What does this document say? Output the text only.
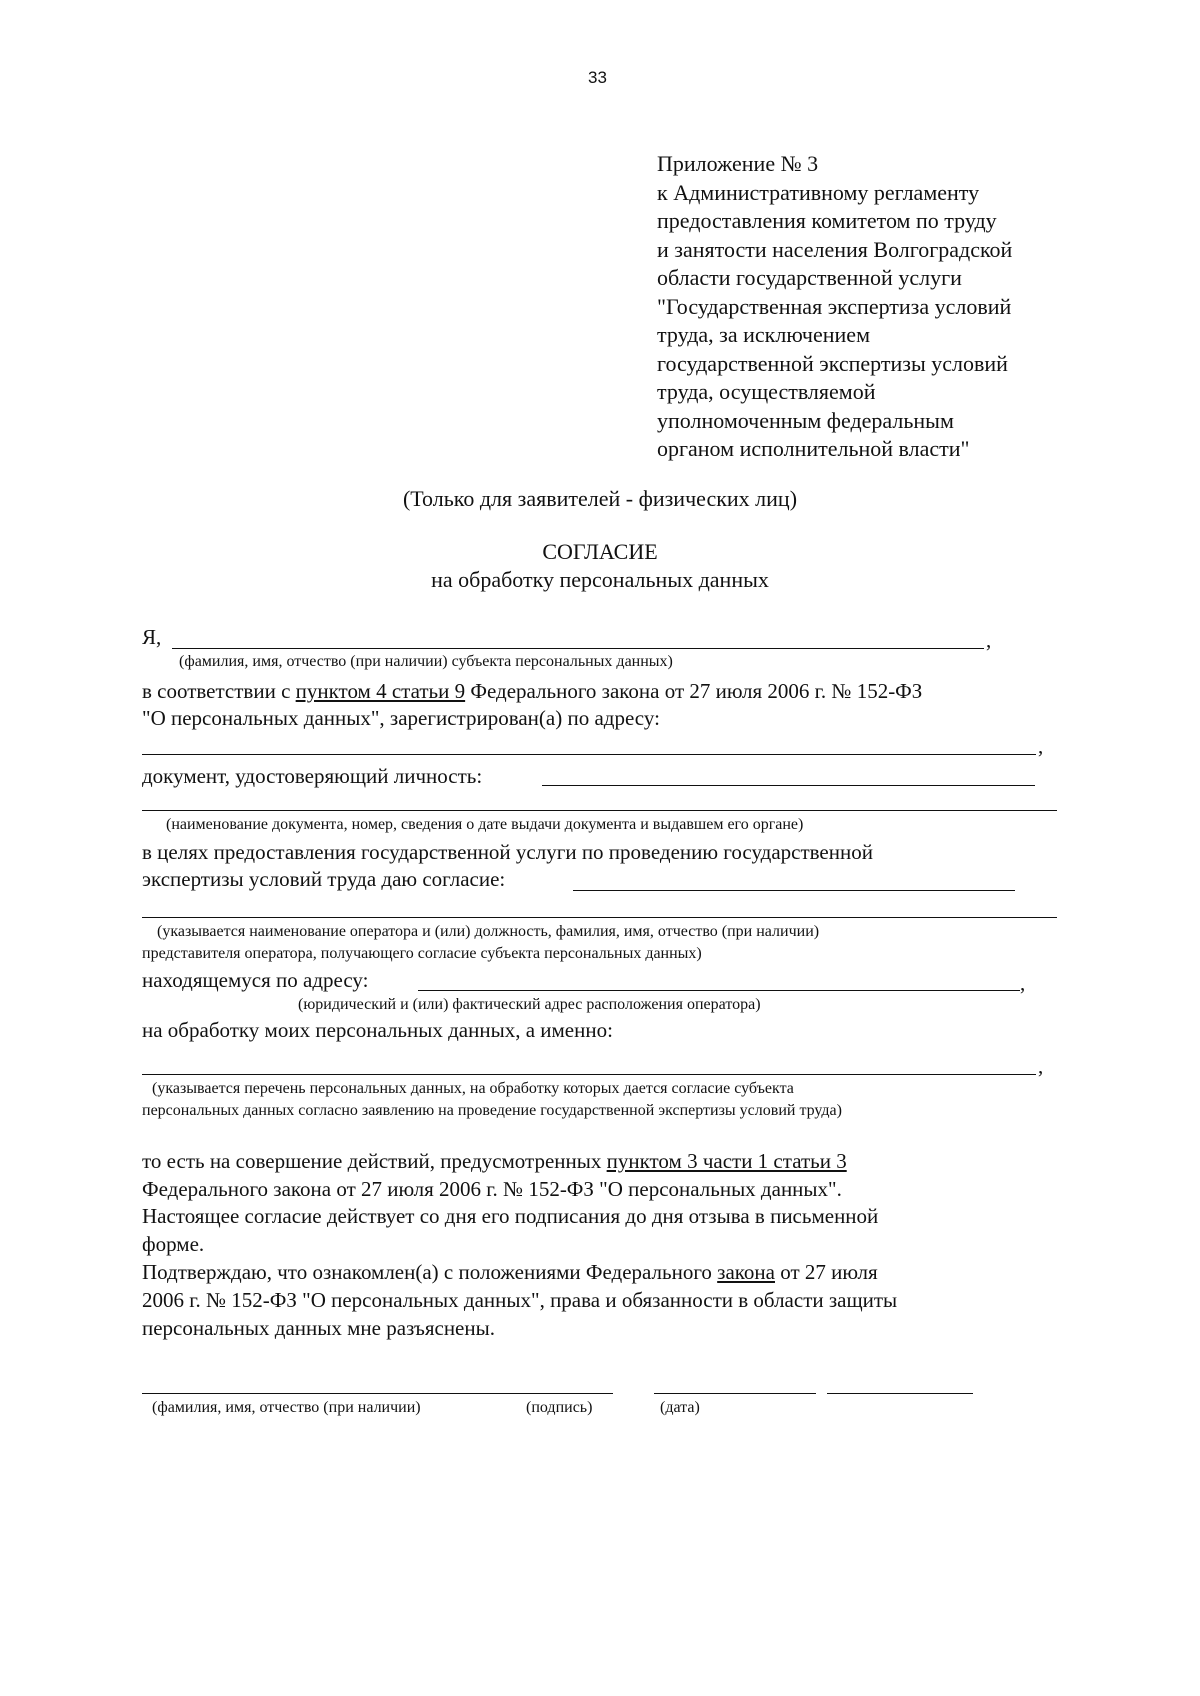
33
Приложение № 3
к Административному регламенту
предоставления комитетом по труду
и занятости населения Волгоградской
области государственной услуги
"Государственная экспертиза условий
труда, за исключением
государственной экспертизы условий
труда, осуществляемой
уполномоченным федеральным
органом исполнительной власти"
(Только для заявителей - физических лиц)
СОГЛАСИЕ
на обработку персональных данных
Я,	,
(фамилия, имя, отчество (при наличии) субъекта персональных данных)
в соответствии с пунктом 4 статьи 9 Федерального закона от 27 июля 2006 г. № 152-ФЗ
"О персональных данных", зарегистрирован(а) по адресу:
,
документ, удостоверяющий личность:
(наименование документа, номер, сведения о дате выдачи документа и выдавшем его органе)
в целях предоставления государственной услуги по проведению государственной
экспертизы условий труда даю согласие:
(указывается наименование оператора и (или) должность, фамилия, имя, отчество (при наличии)
представителя оператора, получающего согласие субъекта персональных данных)
находящемуся по адресу:	,
(юридический и (или) фактический адрес расположения оператора)
на обработку моих персональных данных, а именно:
,
(указывается перечень персональных данных, на обработку которых дается согласие субъекта
персональных данных согласно заявлению на проведение государственной экспертизы условий труда)
то есть на совершение действий, предусмотренных пунктом 3 части 1 статьи 3
Федерального закона от 27 июля 2006 г. № 152-ФЗ "О персональных данных".
Настоящее согласие действует со дня его подписания до дня отзыва в письменной
форме.
Подтверждаю, что ознакомлен(а) с положениями Федерального закона от 27 июля
2006 г. № 152-ФЗ "О персональных данных", права и обязанности в области защиты
персональных данных мне разъяснены.
(фамилия, имя, отчество (при наличии)	(подпись)	(дата)
